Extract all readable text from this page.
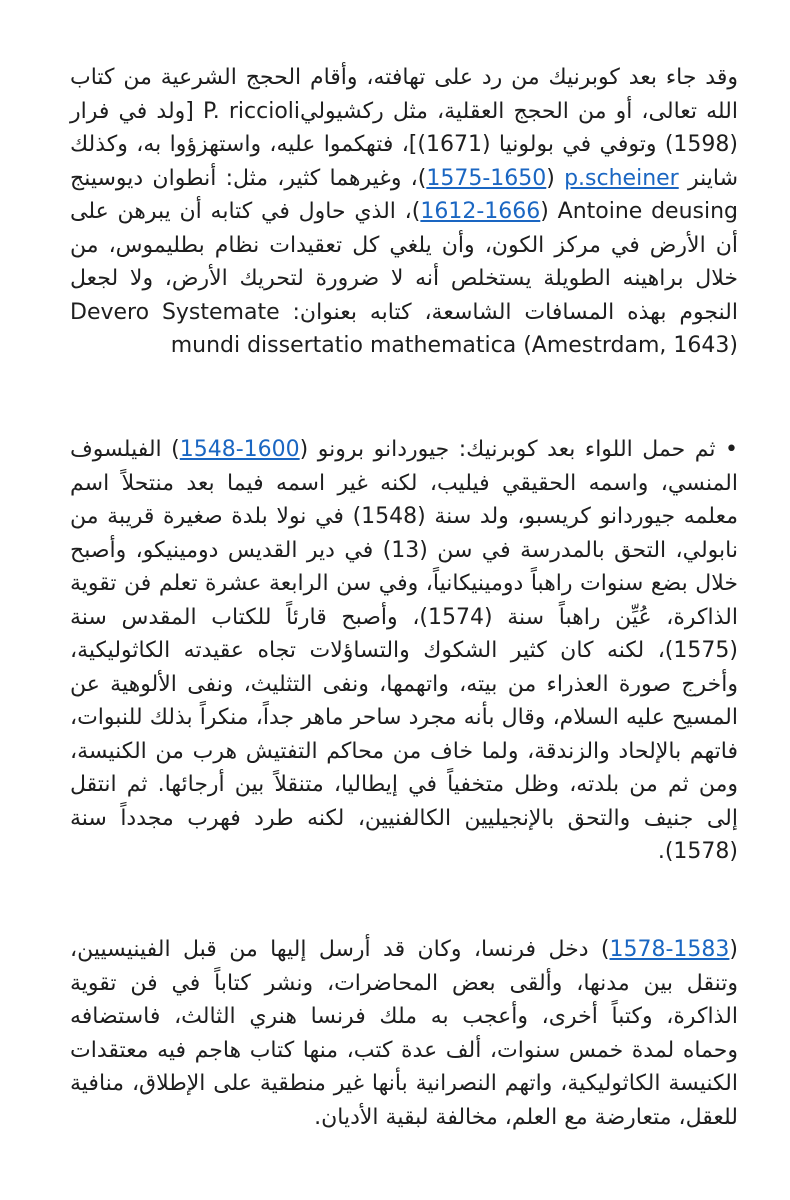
وقد جاء بعد كوبرنيك من رد على تهافته، وأقام الحجج الشرعية من كتاب الله تعالى، أو من الحجج العقلية، مثل ركشيوليP. riccioli [ولد في فرار (1598) وتوفي في بولونيا (1671)]، فتهكموا عليه، واستهزؤوا به، وكذلك شاينر p.scheiner (1575-1650)، وغيرهما كثير، مثل: أنطوان ديوسينج Antoine deusing (1612-1666)، الذي حاول في كتابه أن يبرهن على أن الأرض في مركز الكون، وأن يلغي كل تعقيدات نظام بطليموس، من خلال براهينه الطويلة يستخلص أنه لا ضرورة لتحريك الأرض، ولا لجعل النجوم بهذه المسافات الشاسعة، كتابه بعنوان: Devero Systemate mundi dissertatio mathematica (Amestrdam, 1643)

• ثم حمل اللواء بعد كوبرنيك: جيوردانو برونو (1548-1600) الفيلسوف المنسي، واسمه الحقيقي فيليب، لكنه غير اسمه فيما بعد منتحلاً اسم معلمه جيوردانو كريسبو، ولد سنة (1548) في نولا بلدة صغيرة قريبة من نابولي، التحق بالمدرسة في سن (13) في دير القديس دومينيكو، وأصبح خلال بضع سنوات راهباً دومينيكانياً، وفي سن الرابعة عشرة تعلم فن تقوية الذاكرة، عُيِّن راهباً سنة (1574)، وأصبح قارئاً للكتاب المقدس سنة (1575)، لكنه كان كثير الشكوك والتساؤلات تجاه عقيدته الكاثوليكية، وأخرج صورة العذراء من بيته، واتهمها، ونفى التثليث، ونفى الألوهية عن المسيح عليه السلام، وقال بأنه مجرد ساحر ماهر جداً، منكراً بذلك للنبوات، فاتهم بالإلحاد والزندقة، ولما خاف من محاكم التفتيش هرب من الكنيسة، ومن ثم من بلدته، وظل متخفياً في إيطاليا، متنقلاً بين أرجائها. ثم انتقل إلى جنيف والتحق بالإنجيليين الكالفنيين، لكنه طرد فهرب مجدداً سنة (1578).

(1578-1583) دخل فرنسا، وكان قد أرسل إليها من قبل الفينيسيين، وتنقل بين مدنها، وألقى بعض المحاضرات، ونشر كتاباً في فن تقوية الذاكرة، وكتباً أخرى، وأعجب به ملك فرنسا هنري الثالث، فاستضافه وحماه لمدة خمس سنوات، ألف عدة كتب، منها كتاب هاجم فيه معتقدات الكنيسة الكاثوليكية، واتهم النصرانية بأنها غير منطقية على الإطلاق، منافية للعقل، متعارضة مع العلم، مخالفة لبقية الأديان.
